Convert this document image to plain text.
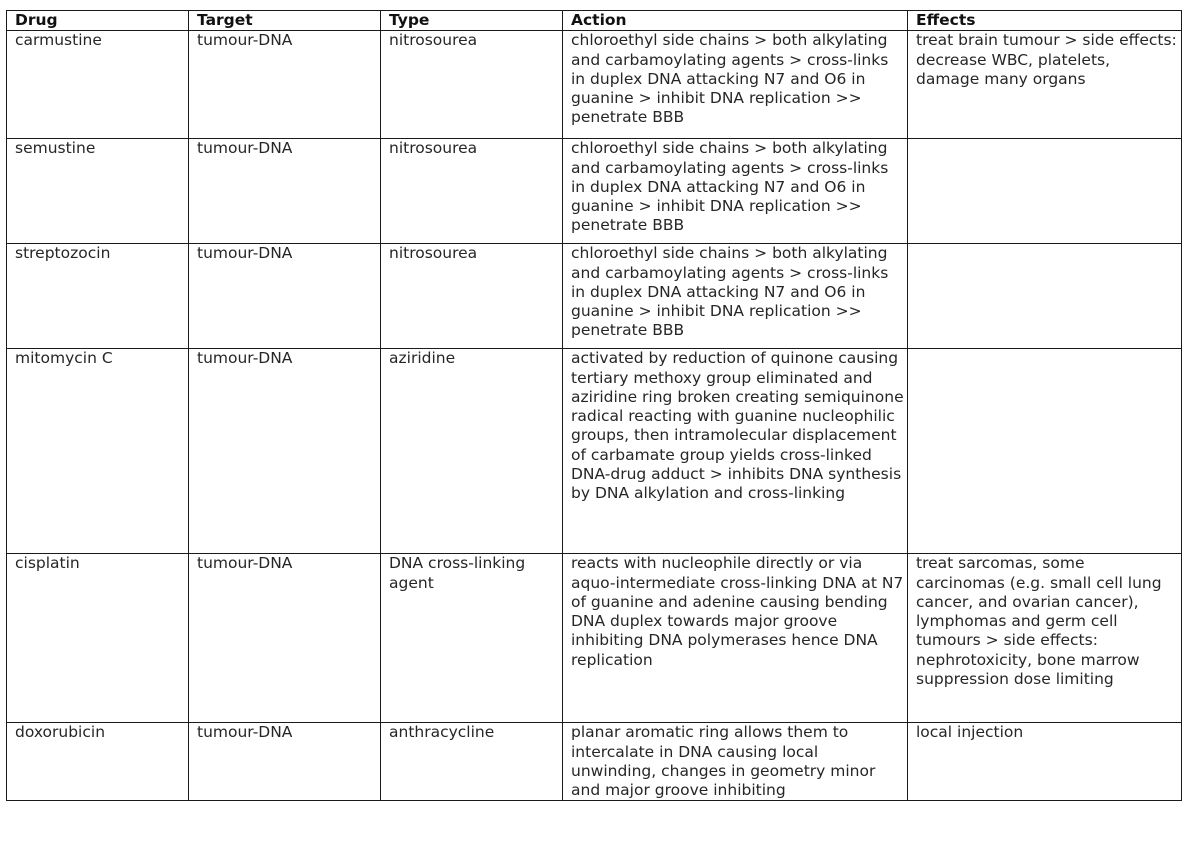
Drug	Target	Type	Action	Effects
carmustine	tumour-DNA	nitrosourea	chloroethyl side chains > both alkylating and carbamoylating agents > cross-links in duplex DNA attacking N7 and O6 in guanine > inhibit DNA replication >> penetrate BBB	treat brain tumour > side effects: decrease WBC, platelets, damage many organs
semustine	tumour-DNA	nitrosourea	chloroethyl side chains > both alkylating and carbamoylating agents > cross-links in duplex DNA attacking N7 and O6 in guanine > inhibit DNA replication >> penetrate BBB	
streptozocin	tumour-DNA	nitrosourea	chloroethyl side chains > both alkylating and carbamoylating agents > cross-links in duplex DNA attacking N7 and O6 in guanine > inhibit DNA replication >> penetrate BBB	
mitomycin C	tumour-DNA	aziridine	activated by reduction of quinone causing tertiary methoxy group eliminated and aziridine ring broken creating semiquinone radical reacting with guanine nucleophilic groups, then intramolecular displacement of carbamate group yields cross-linked DNA-drug adduct > inhibits DNA synthesis by DNA alkylation and cross-linking	
cisplatin	tumour-DNA	DNA cross-linking agent	reacts with nucleophile directly or via aquo-intermediate cross-linking DNA at N7 of guanine and adenine causing bending DNA duplex towards major groove inhibiting DNA polymerases hence DNA replication	treat sarcomas, some carcinomas (e.g. small cell lung cancer, and ovarian cancer), lymphomas and germ cell tumours > side effects: nephrotoxicity, bone marrow suppression dose limiting
doxorubicin	tumour-DNA	anthracycline	planar aromatic ring allows them to intercalate in DNA causing local unwinding, changes in geometry minor and major groove inhibiting	local injection
